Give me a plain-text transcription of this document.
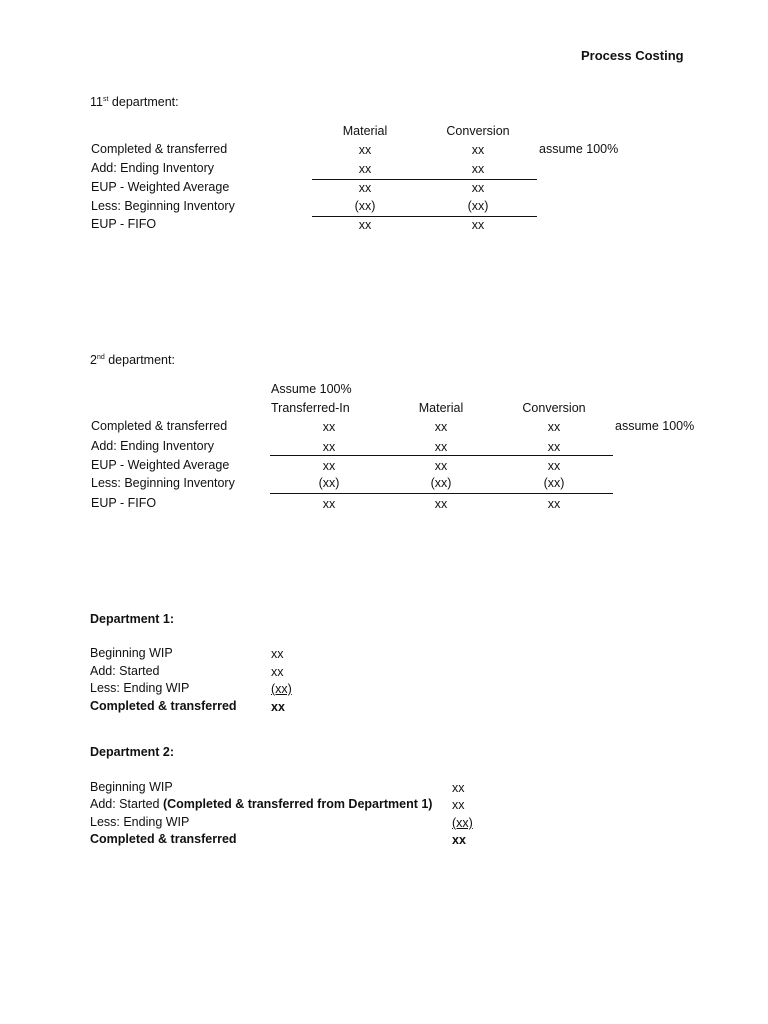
Process Costing
11st department:
Material	Conversion
Completed & transferred	xx	xx	assume 100%
Add: Ending Inventory	xx	xx
EUP - Weighted Average	xx	xx
Less: Beginning Inventory	(xx)	(xx)
EUP - FIFO	xx	xx
2nd department:
Assume 100%
Transferred-In	Material	Conversion
Completed & transferred	xx	xx	xx	assume 100%
Add: Ending Inventory	xx	xx	xx
EUP - Weighted Average	xx	xx	xx
Less: Beginning Inventory	(xx)	(xx)	(xx)
EUP - FIFO	xx	xx	xx
Department 1:
Beginning WIP	xx
Add: Started	xx
Less: Ending WIP	(xx)
Completed & transferred	xx
Department 2:
Beginning WIP	xx
Add: Started (Completed & transferred from Department 1) xx
Less: Ending WIP	(xx)
Completed & transferred	xx
